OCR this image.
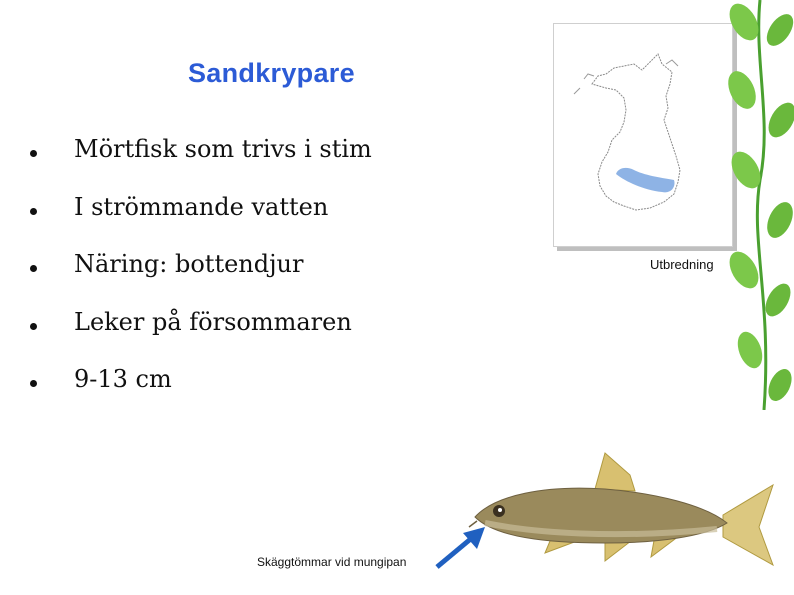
Sandkrypare
Mörtfisk som trivs i stim
I strömmande vatten
Näring: bottendjur
Leker på försommaren
9-13 cm
Utbredning
Skäggtömmar vid mungipan
